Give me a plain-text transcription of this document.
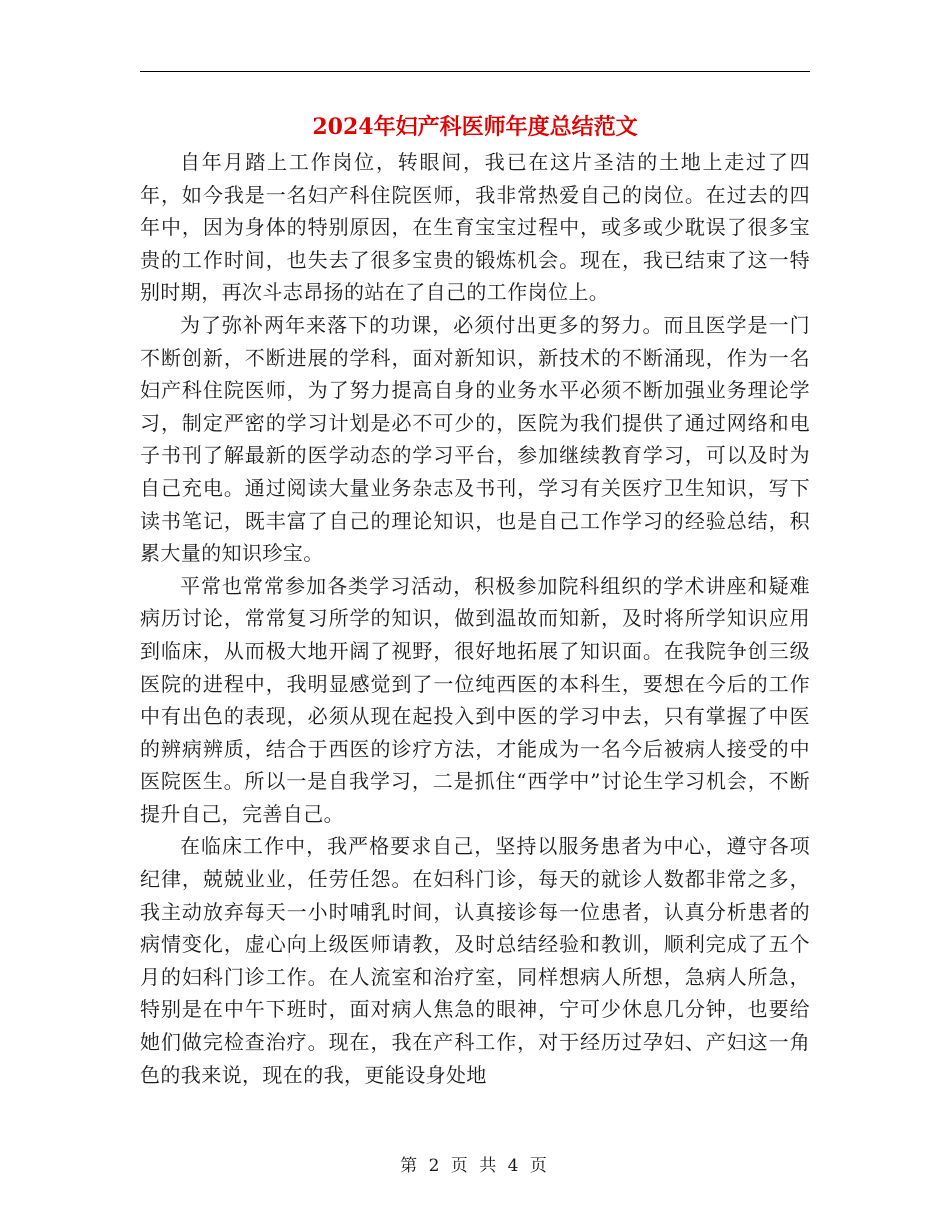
2024年妇产科医师年度总结范文

自年月踏上工作岗位，转眼间，我已在这片圣洁的土地上走过了四年，如今我是一名妇产科住院医师，我非常热爱自己的岗位。在过去的四年中，因为身体的特别原因，在生育宝宝过程中，或多或少耽误了很多宝贵的工作时间，也失去了很多宝贵的锻炼机会。现在，我已结束了这一特别时期，再次斗志昂扬的站在了自己的工作岗位上。

为了弥补两年来落下的功课，必须付出更多的努力。而且医学是一门不断创新，不断进展的学科，面对新知识，新技术的不断涌现，作为一名妇产科住院医师，为了努力提高自身的业务水平必须不断加强业务理论学习，制定严密的学习计划是必不可少的，医院为我们提供了通过网络和电子书刊了解最新的医学动态的学习平台，参加继续教育学习，可以及时为自己充电。通过阅读大量业务杂志及书刊，学习有关医疗卫生知识，写下读书笔记，既丰富了自己的理论知识，也是自己工作学习的经验总结，积累大量的知识珍宝。

平常也常常参加各类学习活动，积极参加院科组织的学术讲座和疑难病历讨论，常常复习所学的知识，做到温故而知新，及时将所学知识应用到临床，从而极大地开阔了视野，很好地拓展了知识面。在我院争创三级医院的进程中，我明显感觉到了一位纯西医的本科生，要想在今后的工作中有出色的表现，必须从现在起投入到中医的学习中去，只有掌握了中医的辨病辨质，结合于西医的诊疗方法，才能成为一名今后被病人接受的中医院医生。所以一是自我学习，二是抓住“西学中”讨论生学习机会，不断提升自己，完善自己。

在临床工作中，我严格要求自己，坚持以服务患者为中心，遵守各项纪律，兢兢业业，任劳任怨。在妇科门诊，每天的就诊人数都非常之多，我主动放弃每天一小时哺乳时间，认真接诊每一位患者，认真分析患者的病情变化，虚心向上级医师请教，及时总结经验和教训，顺利完成了五个月的妇科门诊工作。在人流室和治疗室，同样想病人所想，急病人所急，特别是在中午下班时，面对病人焦急的眼神，宁可少休息几分钟，也要给她们做完检查治疗。现在，我在产科工作，对于经历过孕妇、产妇这一角色的我来说，现在的我，更能设身处地

第 2 页 共 4 页
